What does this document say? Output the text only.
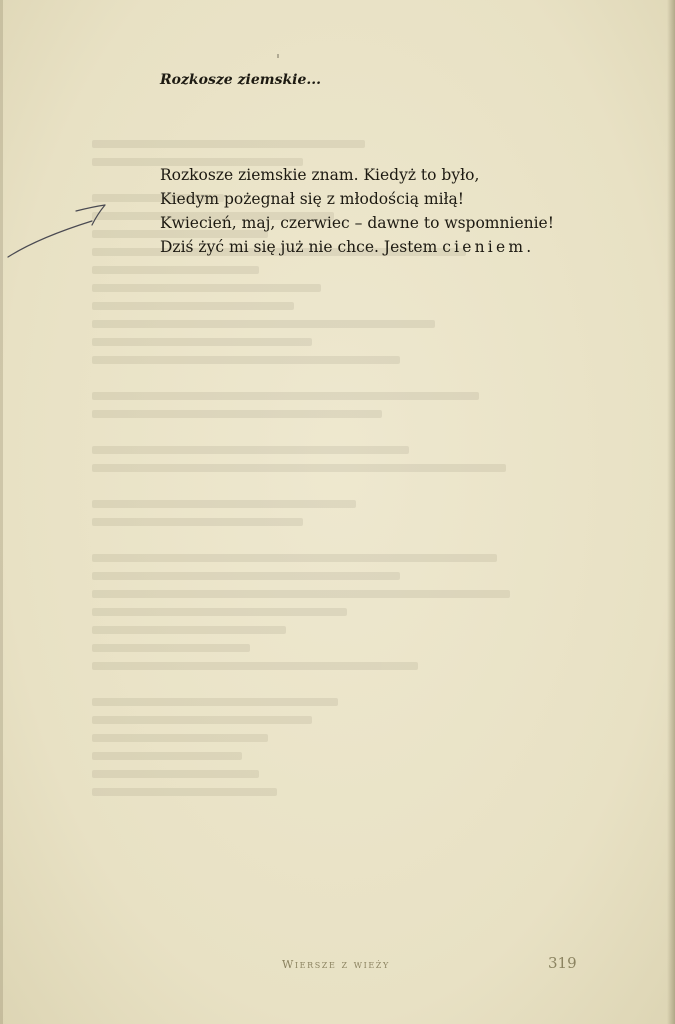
Rozkosze ziemskie...
Rozkosze ziemskie znam. Kiedyż to było,
Kiedym pożegnał się z młodością miłą!
Kwiecień, maj, czerwiec – dawne to wspomnienie!
Dziś żyć mi się już nie chce. Jestem cieniem.
Wiersze z wieży	319
